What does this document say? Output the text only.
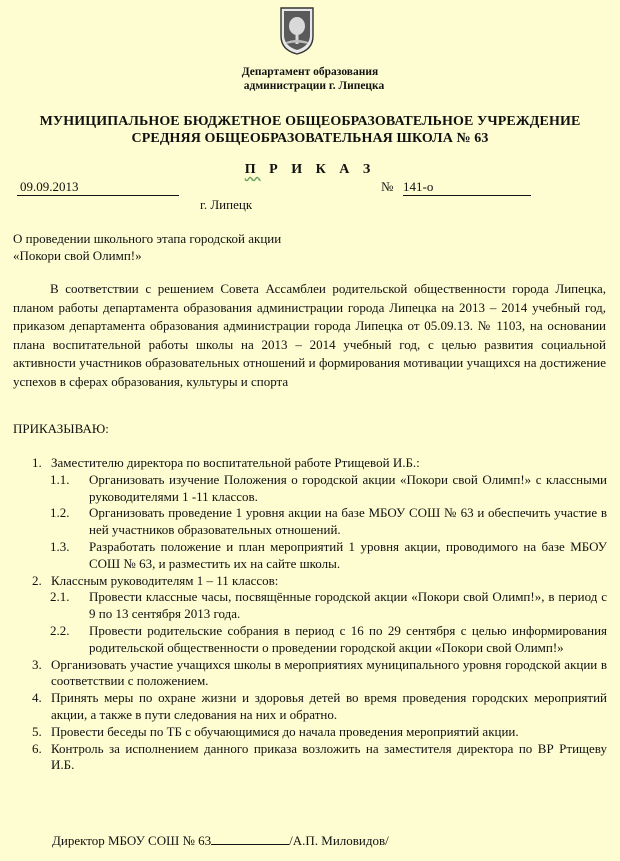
Департамент образования
администрации г. Липецка
МУНИЦИПАЛЬНОЕ БЮДЖЕТНОЕ ОБЩЕОБРАЗОВАТЕЛЬНОЕ УЧРЕЖДЕНИЕ
СРЕДНЯЯ ОБЩЕОБРАЗОВАТЕЛЬНАЯ ШКОЛА № 63
П Р И К А З
09.09.2013	№ 141-о
г. Липецк
О проведении школьного этапа городской акции
«Покори свой Олимп!»
В соответствии с решением Совета Ассамблеи родительской общественности города Липецка, планом работы департамента образования администрации города Липецка на 2013 – 2014 учебный год, приказом департамента образования администрации города Липецка от 05.09.13. № 1103, на основании плана воспитательной работы школы на 2013 – 2014 учебный год, с целью развития социальной активности участников образовательных отношений и формирования мотивации учащихся на достижение успехов в сферах образования, культуры и спорта
ПРИКАЗЫВАЮ:
1. Заместителю директора по воспитательной работе Ртищевой И.Б.:
1.1. Организовать изучение Положения о городской акции «Покори свой Олимп!» с классными руководителями 1 -11 классов.
1.2. Организовать проведение 1 уровня акции на базе МБОУ СОШ № 63 и обеспечить участие в ней участников образовательных отношений.
1.3. Разработать положение и план мероприятий 1 уровня акции, проводимого на базе МБОУ СОШ № 63, и разместить их на сайте школы.
2. Классным руководителям 1 – 11 классов:
2.1. Провести классные часы, посвящённые городской акции «Покори свой Олимп!», в период с 9 по 13 сентября 2013 года.
2.2. Провести родительские собрания в период с 16 по 29 сентября с целью информирования родительской общественности о проведении городской акции «Покори свой Олимп!»
3. Организовать участие учащихся школы в мероприятиях муниципального уровня городской акции в соответствии с положением.
4. Принять меры по охране жизни и здоровья детей во время проведения городских мероприятий акции, а также в пути следования на них и обратно.
5. Провести беседы по ТБ с обучающимися до начала проведения мероприятий акции.
6. Контроль за исполнением данного приказа возложить на заместителя директора по ВР Ртищеву И.Б.
Директор МБОУ СОШ № 63	/А.П. Миловидов/
